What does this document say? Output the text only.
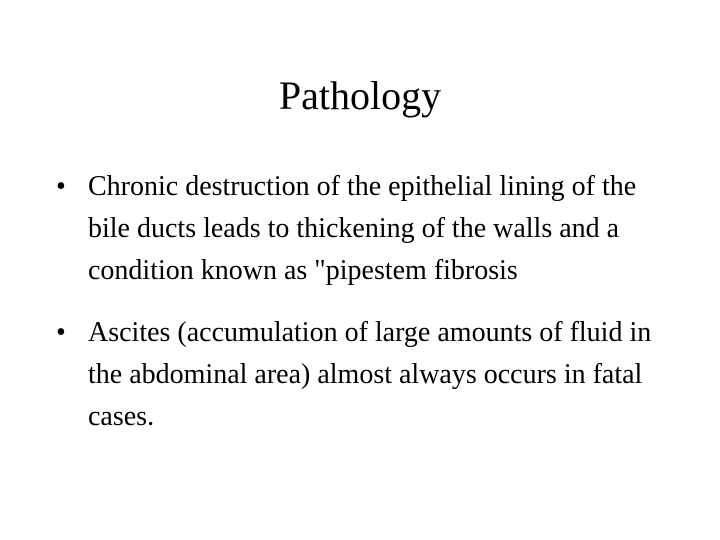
Pathology
• Chronic destruction of the epithelial lining of the bile ducts leads to thickening of the walls and a condition known as "pipestem fibrosis
• Ascites (accumulation of large amounts of fluid in the abdominal area) almost always occurs in fatal cases.
